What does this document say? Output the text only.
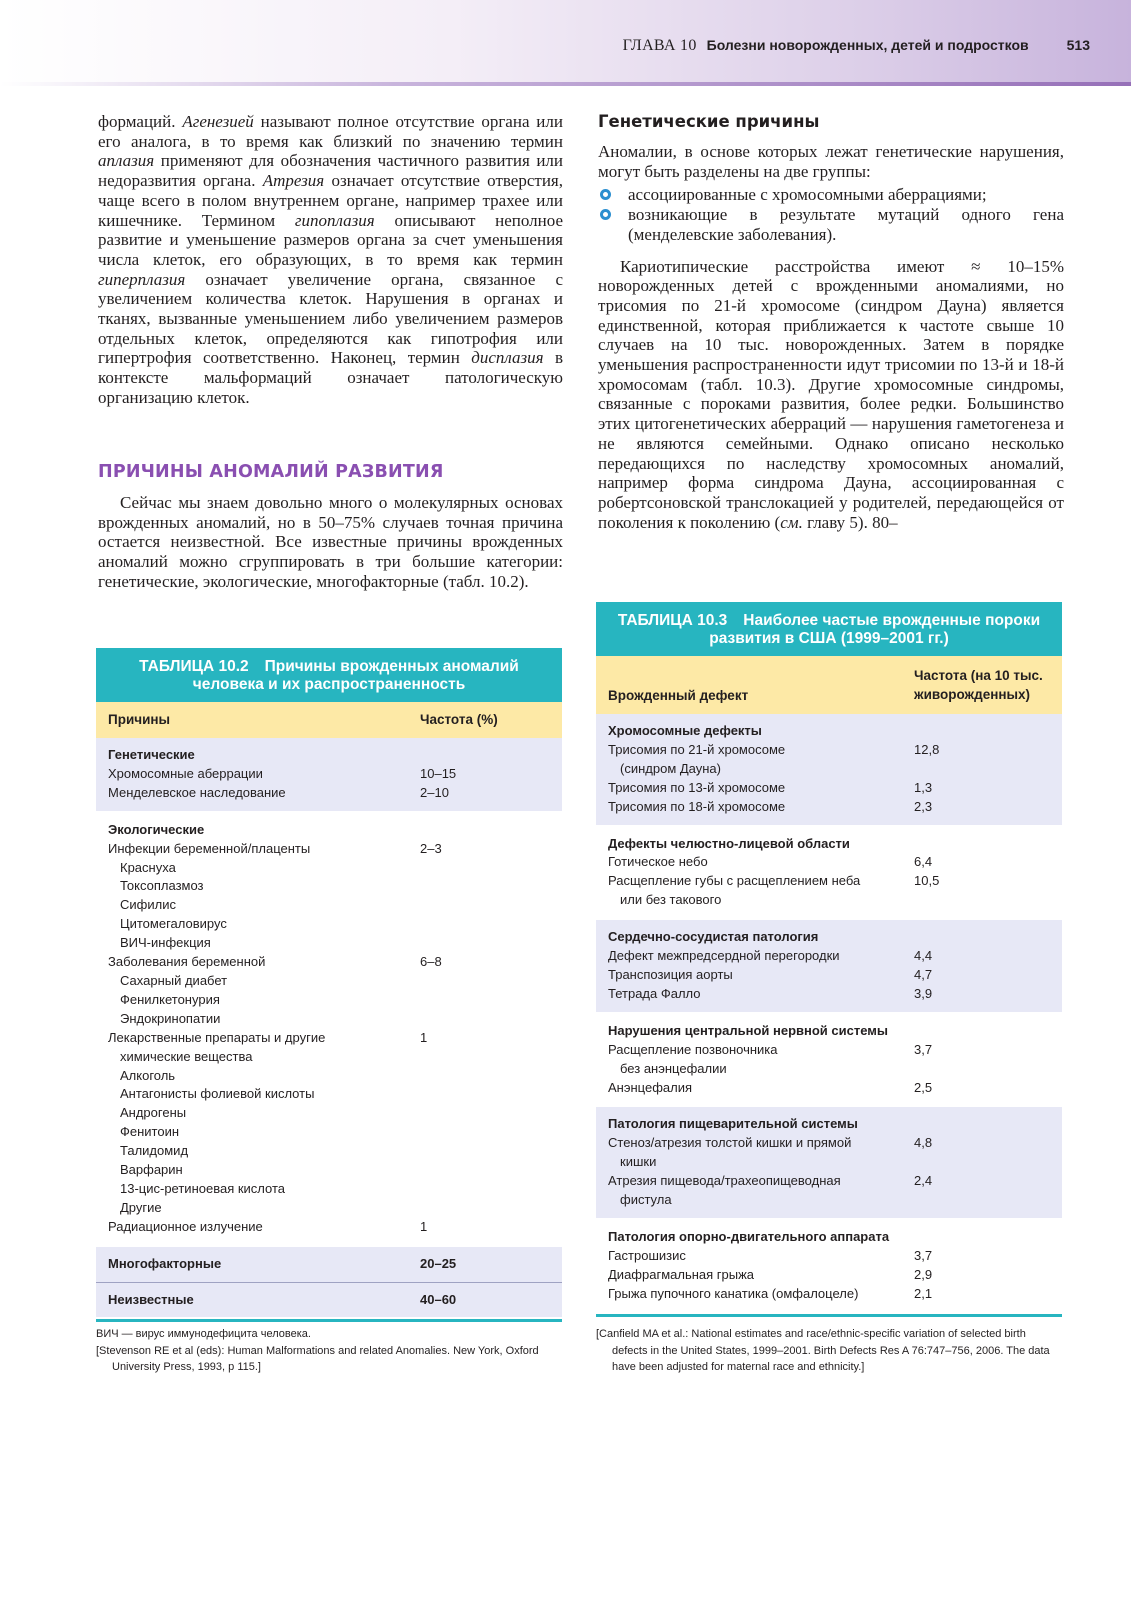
ГЛАВА 10 Болезни новорожденных, детей и подростков	513

формаций. Агенезией называют полное отсутствие органа или его аналога, в то время как близкий по значению термин аплазия применяют для обозначения частичного развития или недоразвития органа. Атрезия означает отсутствие отверстия, чаще всего в полом внутреннем органе, например трахее или кишечнике. Термином гипоплазия описывают неполное развитие и уменьшение размеров органа за счет уменьшения числа клеток, его образующих, в то время как термин гиперплазия означает увеличение органа, связанное с увеличением количества клеток. Нарушения в органах и тканях, вызванные уменьшением либо увеличением размеров отдельных клеток, определяются как гипотрофия или гипертрофия соответственно. Наконец, термин дисплазия в контексте мальформаций означает патологическую организацию клеток.

ПРИЧИНЫ АНОМАЛИЙ РАЗВИТИЯ

Сейчас мы знаем довольно много о молекулярных основах врожденных аномалий, но в 50–75% случаев точная причина остается неизвестной. Все известные причины врожденных аномалий можно сгруппировать в три большие категории: генетические, экологические, многофакторные (табл. 10.2).

Генетические причины

Аномалии, в основе которых лежат генетические нарушения, могут быть разделены на две группы:

ассоциированные с хромосомными аберрациями;
возникающие в результате мутаций одного гена (менделевские заболевания).

Кариотипические расстройства имеют ≈ 10–15% новорожденных детей с врожденными аномалиями, но трисомия по 21-й хромосоме (синдром Дауна) является единственной, которая приближается к частоте свыше 10 случаев на 10 тыс. новорожденных. Затем в порядке уменьшения распространенности идут трисомии по 13-й и 18-й хромосомам (табл. 10.3). Другие хромосомные синдромы, связанные с пороками развития, более редки. Большинство этих цитогенетических аберраций — нарушения гаметогенеза и не являются семейными. Однако описано несколько передающихся по наследству хромосомных аномалий, например форма синдрома Дауна, ассоциированная с робертсоновской транслокацией у родителей, передающейся от поколения к поколению (см. главу 5). 80–

ТАБЛИЦА 10.2 Причины врожденных аномалий
человека и их распространенность
Причины	Частота (%)
Генетические
Хромосомные аберрации	10–15
Менделевское наследование	2–10
Экологические
Инфекции беременной/плаценты	2–3
Краснуха
Токсоплазмоз
Сифилис
Цитомегаловирус
ВИЧ-инфекция
Заболевания беременной	6–8
Сахарный диабет
Фенилкетонурия
Эндокринопатии
Лекарственные препараты и другие	1
химические вещества
Алкоголь
Антагонисты фолиевой кислоты
Андрогены
Фенитоин
Талидомид
Варфарин
13-цис-ретиноевая кислота
Другие
Радиационное излучение	1
Многофакторные	20–25
Неизвестные	40–60
ВИЧ — вирус иммунодефицита человека.
[Stevenson RE et al (eds): Human Malformations and related Anomalies. New York, Oxford University Press, 1993, p 115.]
ТАБЛИЦА 10.3 Наиболее частые врожденные пороки
развития в США (1999–2001 гг.)
Врожденный дефект
Частота (на 10 тыс.
живорожденных)
Хромосомные дефекты
Трисомия по 21-й хромосоме	12,8
(синдром Дауна)
Трисомия по 13-й хромосоме	1,3
Трисомия по 18-й хромосоме	2,3
Дефекты челюстно-лицевой области
Готическое небо	6,4
Расщепление губы с расщеплением неба	10,5
или без такового
Сердечно-сосудистая патология
Дефект межпредсердной перегородки	4,4
Транспозиция аорты	4,7
Тетрада Фалло	3,9
Нарушения центральной нервной системы
Расщепление позвоночника	3,7
без анэнцефалии
Анэнцефалия	2,5
Патология пищеварительной системы
Стеноз/атрезия толстой кишки и прямой	4,8
кишки
Атрезия пищевода/трахеопищеводная	2,4
фистула
Патология опорно-двигательного аппарата
Гастрошизис	3,7
Диафрагмальная грыжа	2,9
Грыжа пупочного канатика (омфалоцеле)	2,1
[Canfield MA et al.: National estimates and race/ethnic-specific variation of selected birth defects in the United States, 1999–2001. Birth Defects Res A 76:747–756, 2006. The data have been adjusted for maternal race and ethnicity.]
